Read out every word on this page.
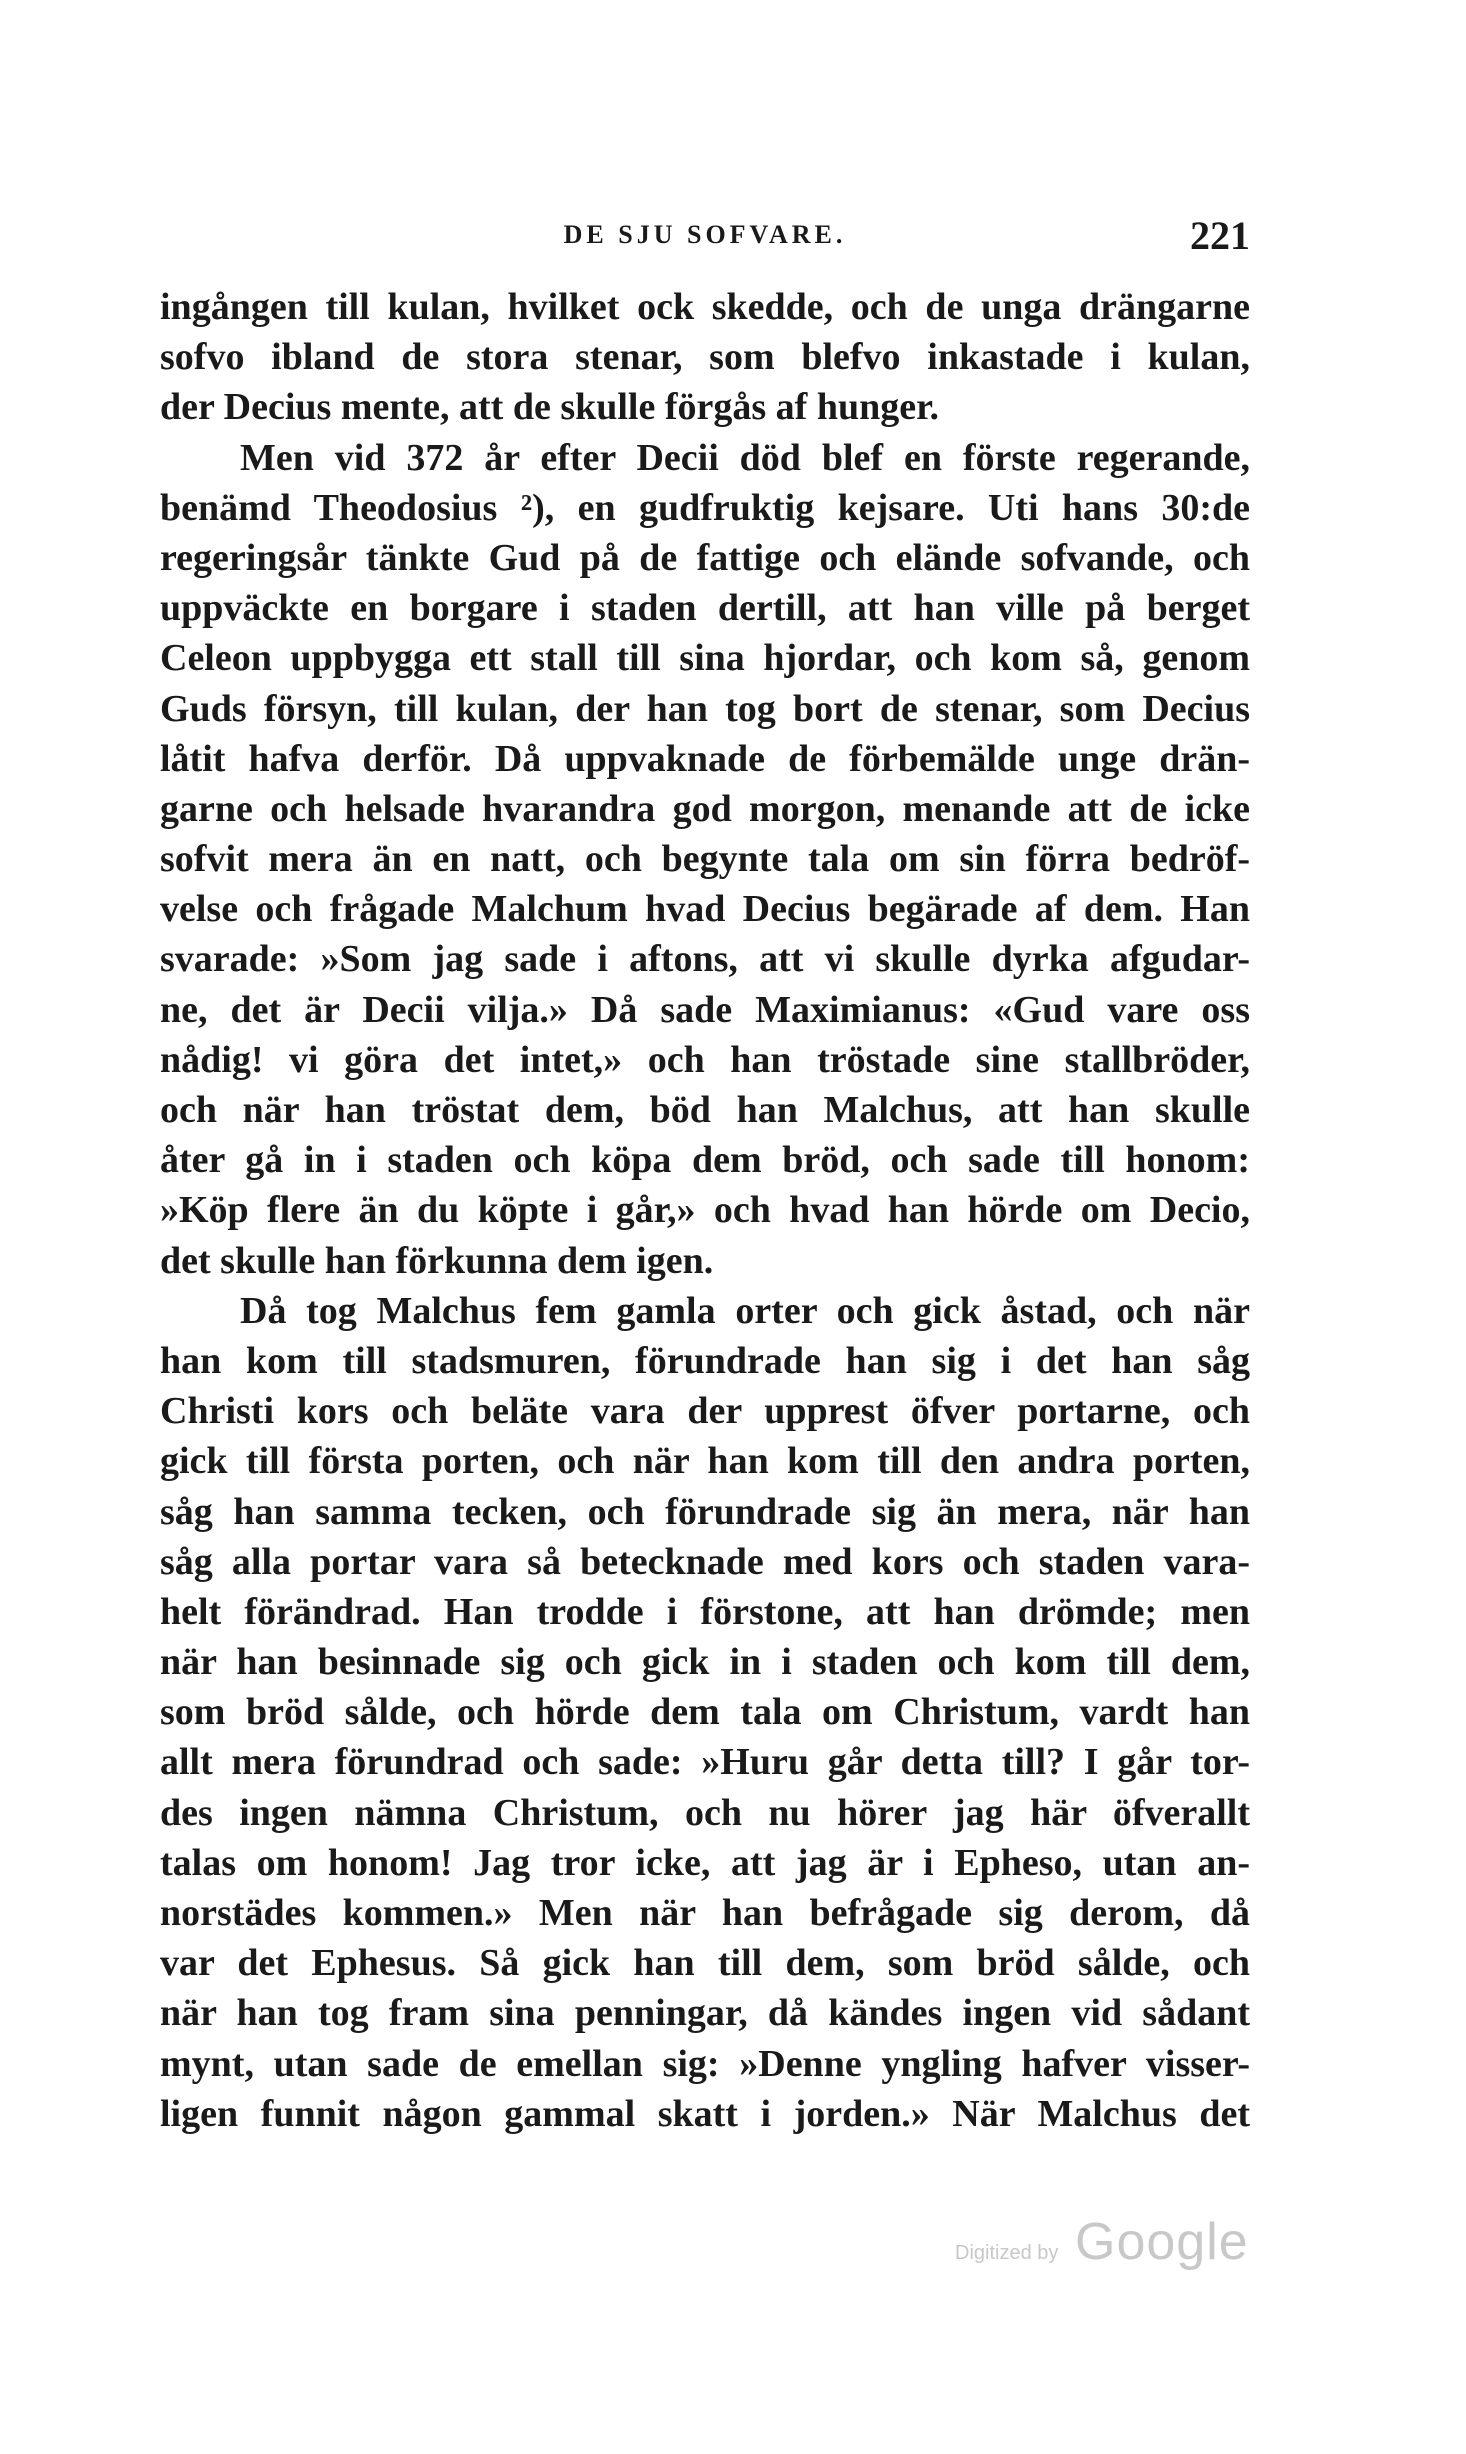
DE SJU SOFVARE.	221
ingången till kulan, hvilket ock skedde, och de unga drängarne
sofvo ibland de stora stenar, som blefvo inkastade i kulan,
der Decius mente, att de skulle förgås af hunger.
Men vid 372 år efter Decii död blef en förste regerande,
benämd Theodosius ²), en gudfruktig kejsare. Uti hans 30:de
regeringsår tänkte Gud på de fattige och elände sofvande, och
uppväckte en borgare i staden dertill, att han ville på berget
Celeon uppbygga ett stall till sina hjordar, och kom så, genom
Guds försyn, till kulan, der han tog bort de stenar, som Decius
låtit hafva derför. Då uppvaknade de förbemälde unge drän-
garne och helsade hvarandra god morgon, menande att de icke
sofvit mera än en natt, och begynte tala om sin förra bedröf-
velse och frågade Malchum hvad Decius begärade af dem. Han
svarade: »Som jag sade i aftons, att vi skulle dyrka afgudar-
ne, det är Decii vilja.» Då sade Maximianus: «Gud vare oss
nådig! vi göra det intet,» och han tröstade sine stallbröder,
och när han tröstat dem, böd han Malchus, att han skulle
åter gå in i staden och köpa dem bröd, och sade till honom:
»Köp flere än du köpte i går,» och hvad han hörde om Decio,
det skulle han förkunna dem igen.
Då tog Malchus fem gamla orter och gick åstad, och när
han kom till stadsmuren, förundrade han sig i det han såg
Christi kors och beläte vara der upprest öfver portarne, och
gick till första porten, och när han kom till den andra porten,
såg han samma tecken, och förundrade sig än mera, när han
såg alla portar vara så betecknade med kors och staden vara-
helt förändrad. Han trodde i förstone, att han drömde; men
när han besinnade sig och gick in i staden och kom till dem,
som bröd sålde, och hörde dem tala om Christum, vardt han
allt mera förundrad och sade: »Huru går detta till? I går tor-
des ingen nämna Christum, och nu hörer jag här öfverallt
talas om honom! Jag tror icke, att jag är i Epheso, utan an-
norstädes kommen.» Men när han befrågade sig derom, då
var det Ephesus. Så gick han till dem, som bröd sålde, och
när han tog fram sina penningar, då kändes ingen vid sådant
mynt, utan sade de emellan sig: »Denne yngling hafver visser-
ligen funnit någon gammal skatt i jorden.» När Malchus det
Digitized by Google
